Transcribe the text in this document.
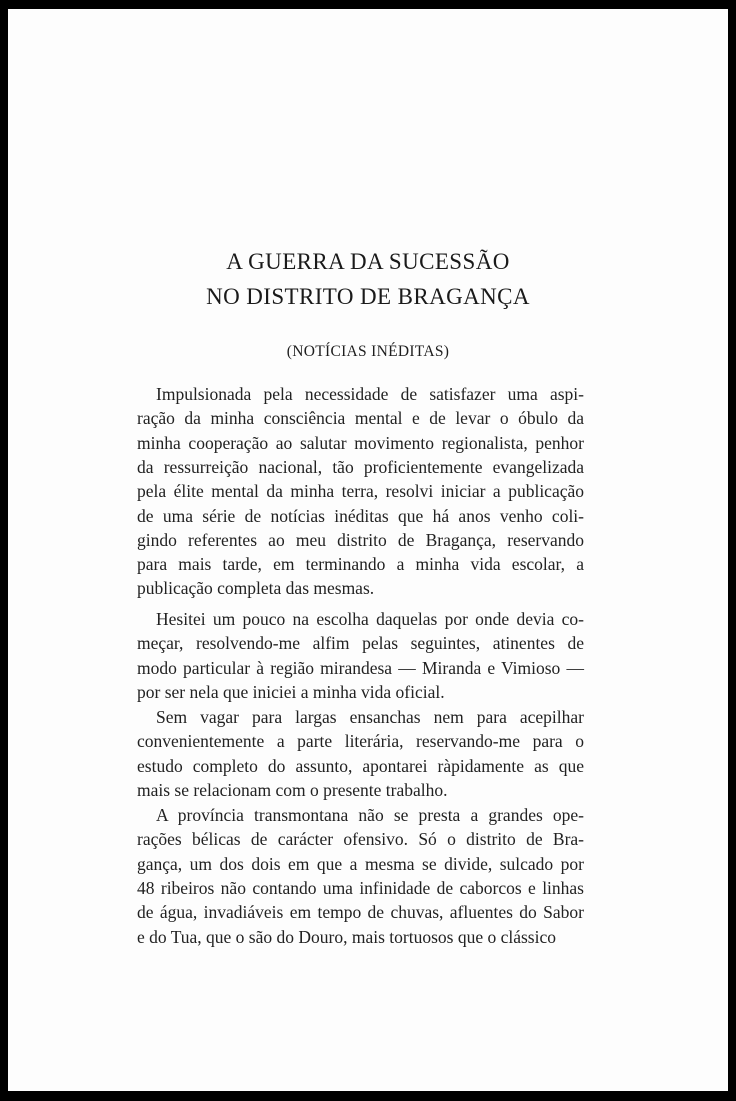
A GUERRA DA SUCESSÃO
NO DISTRITO DE BRAGANÇA
(NOTÍCIAS INÉDITAS)
Impulsionada pela necessidade de satisfazer uma aspi-
ração da minha consciência mental e de levar o óbulo da
minha cooperação ao salutar movimento regionalista, penhor
da ressurreição nacional, tão proficientemente evangelizada
pela élite mental da minha terra, resolvi iniciar a publicação
de uma série de notícias inéditas que há anos venho coli-
gindo referentes ao meu distrito de Bragança, reservando
para mais tarde, em terminando a minha vida escolar, a
publicação completa das mesmas.
Hesitei um pouco na escolha daquelas por onde devia co-
meçar, resolvendo-me alfim pelas seguintes, atinentes de
modo particular à região mirandesa — Miranda e Vimioso —
por ser nela que iniciei a minha vida oficial.
Sem vagar para largas ensanchas nem para acepilhar
convenientemente a parte literária, reservando-me para o
estudo completo do assunto, apontarei ràpidamente as que
mais se relacionam com o presente trabalho.
A província transmontana não se presta a grandes ope-
rações bélicas de carácter ofensivo. Só o distrito de Bra-
gança, um dos dois em que a mesma se divide, sulcado por
48 ribeiros não contando uma infinidade de caborcos e linhas
de água, invadiáveis em tempo de chuvas, afluentes do Sabor
e do Tua, que o são do Douro, mais tortuosos que o clássico
